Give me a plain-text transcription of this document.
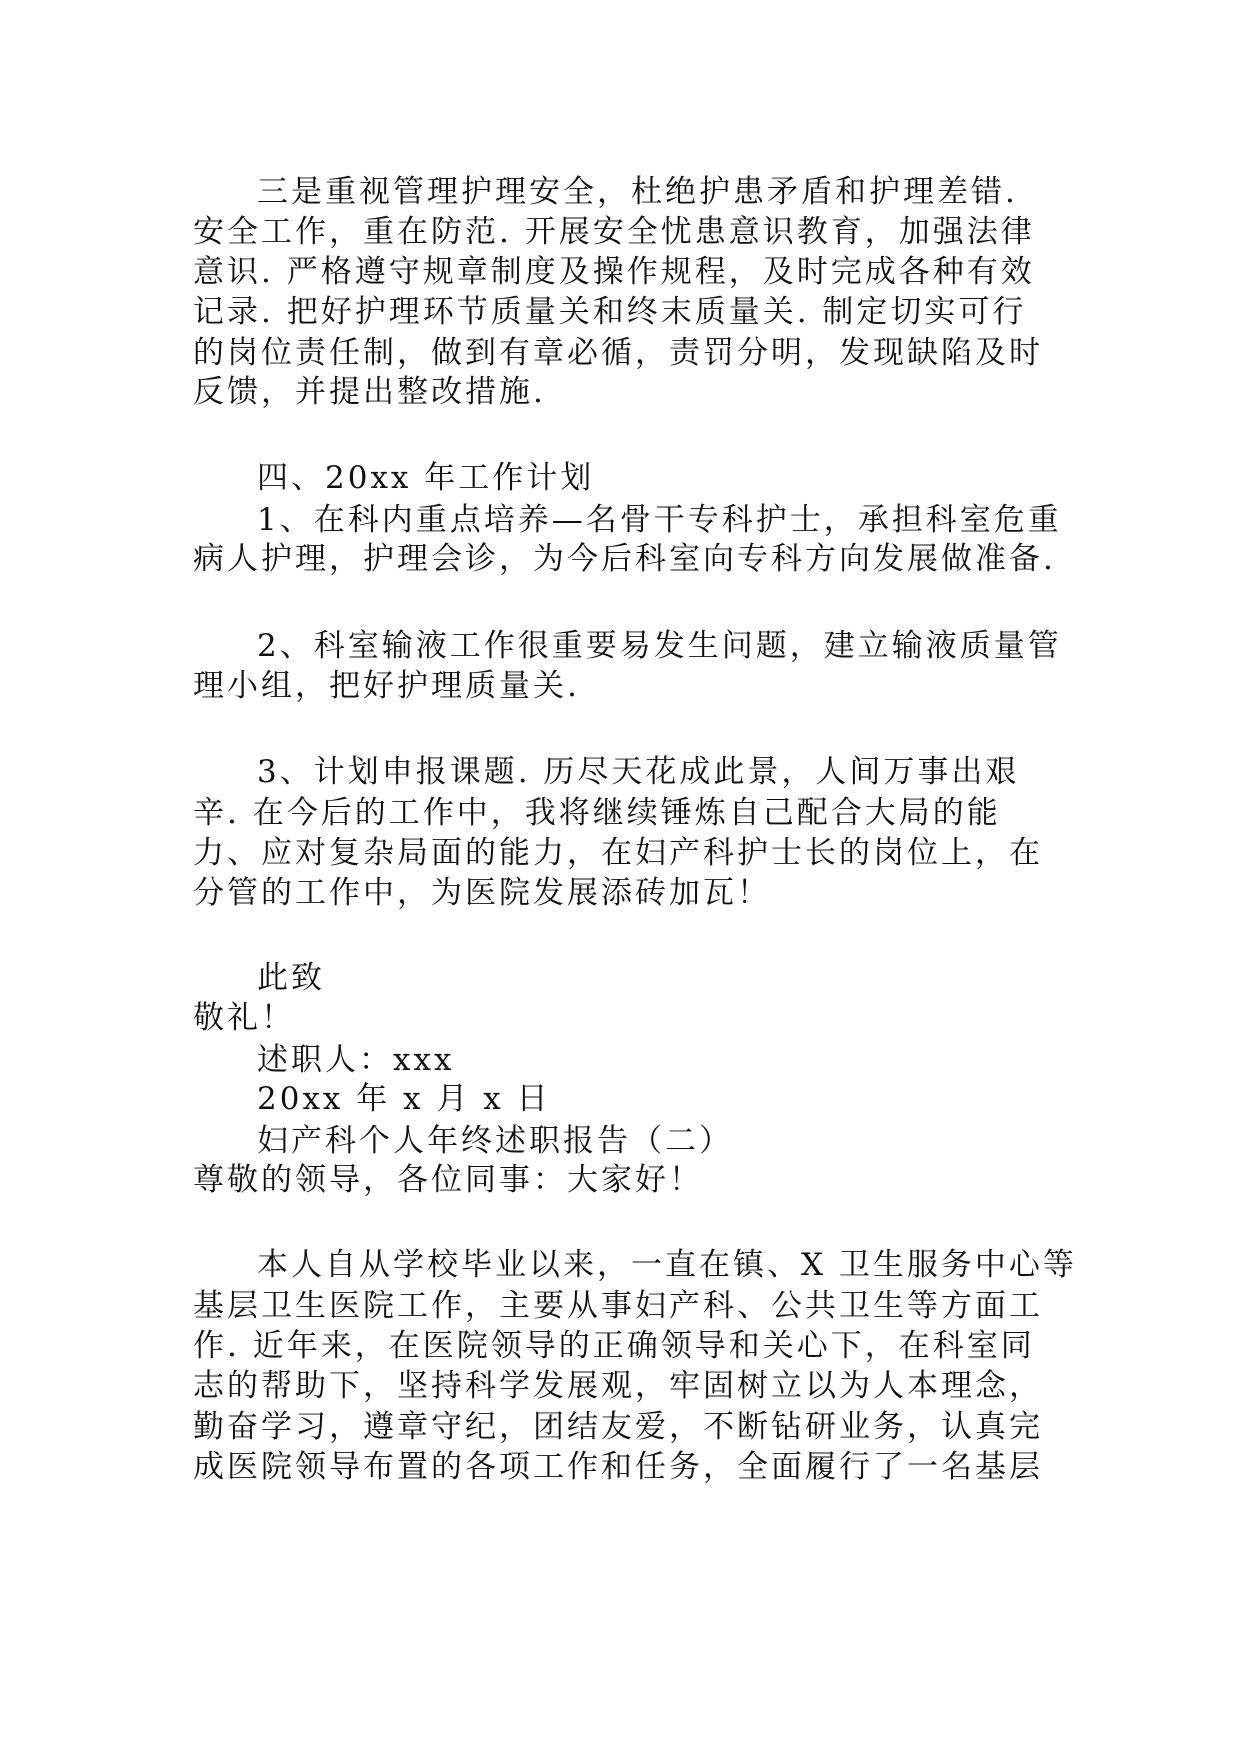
三是重视管理护理安全，杜绝护患矛盾和护理差错.
安全工作，重在防范. 开展安全忧患意识教育，加强法律
意识. 严格遵守规章制度及操作规程，及时完成各种有效
记录. 把好护理环节质量关和终末质量关. 制定切实可行
的岗位责任制，做到有章必循，责罚分明，发现缺陷及时
反馈，并提出整改措施.
四、20xx 年工作计划
1、在科内重点培养—名骨干专科护士，承担科室危重
病人护理，护理会诊，为今后科室向专科方向发展做准备.
2、科室输液工作很重要易发生问题，建立输液质量管
理小组，把好护理质量关.
3、计划申报课题. 历尽天花成此景，人间万事出艰
辛. 在今后的工作中，我将继续锤炼自己配合大局的能
力、应对复杂局面的能力，在妇产科护士长的岗位上，在
分管的工作中，为医院发展添砖加瓦！
此致
敬礼！
述职人：xxx
20xx 年 x 月 x 日
妇产科个人年终述职报告（二）
尊敬的领导，各位同事：大家好！
本人自从学校毕业以来，一直在镇、X 卫生服务中心等
基层卫生医院工作，主要从事妇产科、公共卫生等方面工
作. 近年来，在医院领导的正确领导和关心下，在科室同
志的帮助下，坚持科学发展观，牢固树立以为人本理念，
勤奋学习，遵章守纪，团结友爱，不断钻研业务，认真完
成医院领导布置的各项工作和任务，全面履行了一名基层
